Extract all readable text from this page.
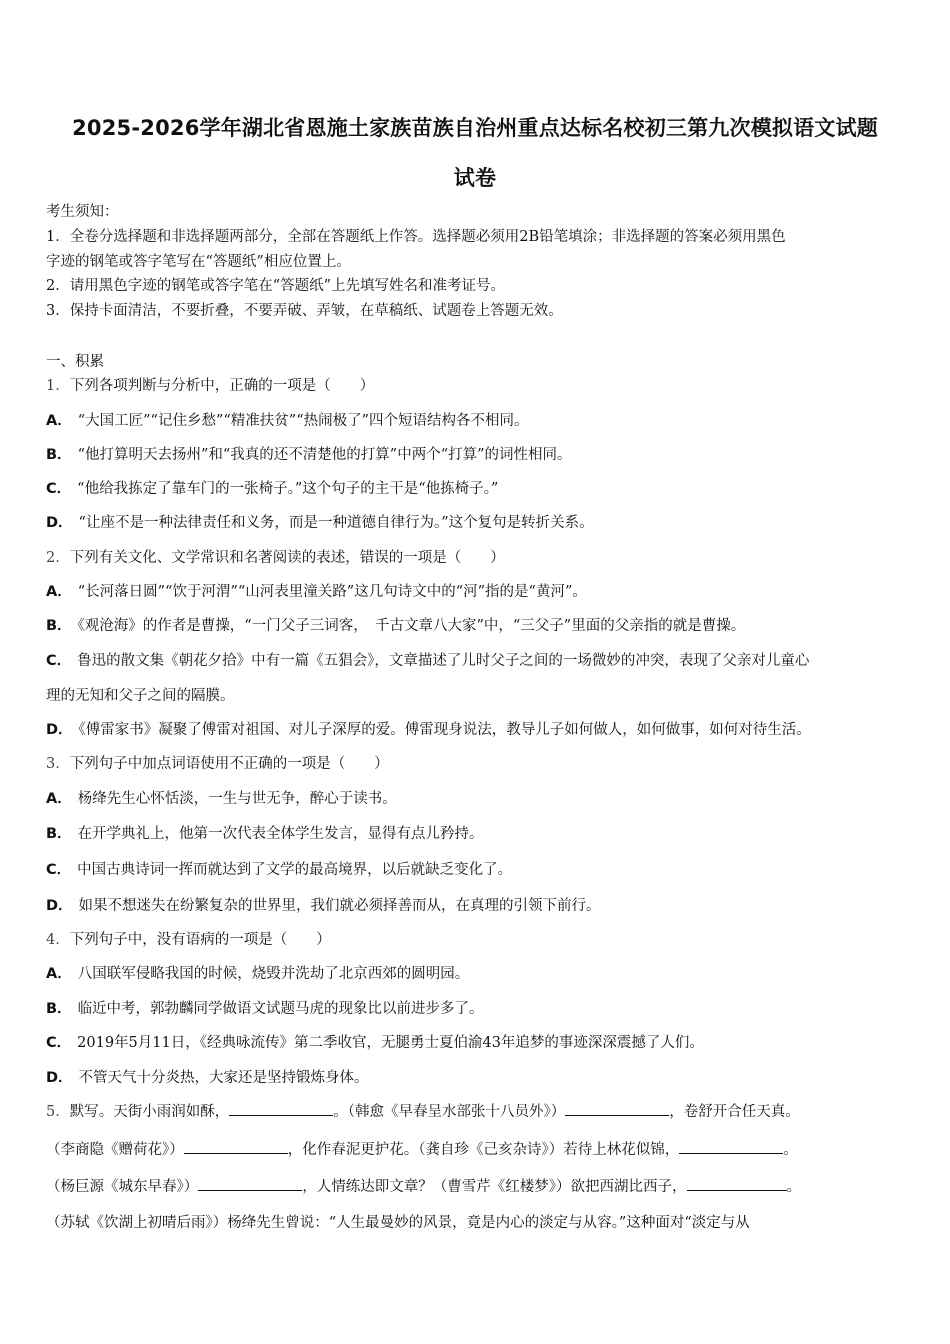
2025-2026学年湖北省恩施土家族苗族自治州重点达标名校初三第九次模拟语文试题
试卷
考生须知：
1．全卷分选择题和非选择题两部分，全部在答题纸上作答。选择题必须用2B铅笔填涂；非选择题的答案必须用黑色
字迹的钢笔或答字笔写在“答题纸”相应位置上。
2．请用黑色字迹的钢笔或答字笔在“答题纸”上先填写姓名和准考证号。
3．保持卡面清洁，不要折叠，不要弄破、弄皱，在草稿纸、试题卷上答题无效。
一、积累
1．下列各项判断与分析中，正确的一项是（　　）
A． “大国工匠”“记住乡愁”“精准扶贫”“热闹极了”四个短语结构各不相同。
B． “他打算明天去扬州”和“我真的还不清楚他的打算”中两个“打算”的词性相同。
C． “他给我拣定了靠车门的一张椅子。”这个句子的主干是“他拣椅子。”
D． “让座不是一种法律责任和义务，而是一种道德自律行为。”这个复句是转折关系。
2．下列有关文化、文学常识和名著阅读的表述，错误的一项是（　　）
A． “长河落日圆”“饮于河渭”“山河表里潼关路”这几句诗文中的“河”指的是“黄河”。
B． 《观沧海》的作者是曹操，“一门父子三词客，　千古文章八大家”中，“三父子”里面的父亲指的就是曹操。
C． 鲁迅的散文集《朝花夕拾》中有一篇《五猖会》，文章描述了儿时父子之间的一场微妙的冲突，表现了父亲对儿童心
理的无知和父子之间的隔膜。
D． 《傅雷家书》凝聚了傅雷对祖国、对儿子深厚的爱。傅雷现身说法，教导儿子如何做人，如何做事，如何对待生活。
3．下列句子中加点词语使用不正确的一项是（　　）
A． 杨绛先生心怀恬淡，一生与世无争，醉心于读书。
B． 在开学典礼上，他第一次代表全体学生发言，显得有点儿矜持。
C． 中国古典诗词一挥而就达到了文学的最高境界，以后就缺乏变化了。
D． 如果不想迷失在纷繁复杂的世界里，我们就必须择善而从，在真理的引领下前行。
4．下列句子中，没有语病的一项是（　　）
A． 八国联军侵略我国的时候，烧毁并洗劫了北京西郊的圆明园。
B． 临近中考，郭勃麟同学做语文试题马虎的现象比以前进步多了。
C． 2019年5月11日，《经典咏流传》第二季收官，无腿勇士夏伯渝43年追梦的事迹深深震撼了人们。
D． 不管天气十分炎热，大家还是坚持锻炼身体。
5．默写。天街小雨润如酥，	。（韩愈《早春呈水部张十八员外》）	，卷舒开合任天真。
（李商隐《赠荷花》）	，化作春泥更护花。（龚自珍《己亥杂诗》）若待上林花似锦，	。
（杨巨源《城东早春》）	，人情练达即文章？（曹雪芹《红楼梦》）欲把西湖比西子，	。
（苏轼《饮湖上初晴后雨》）杨绛先生曾说：“人生最曼妙的风景，竟是内心的淡定与从容。”这种面对“淡定与从
